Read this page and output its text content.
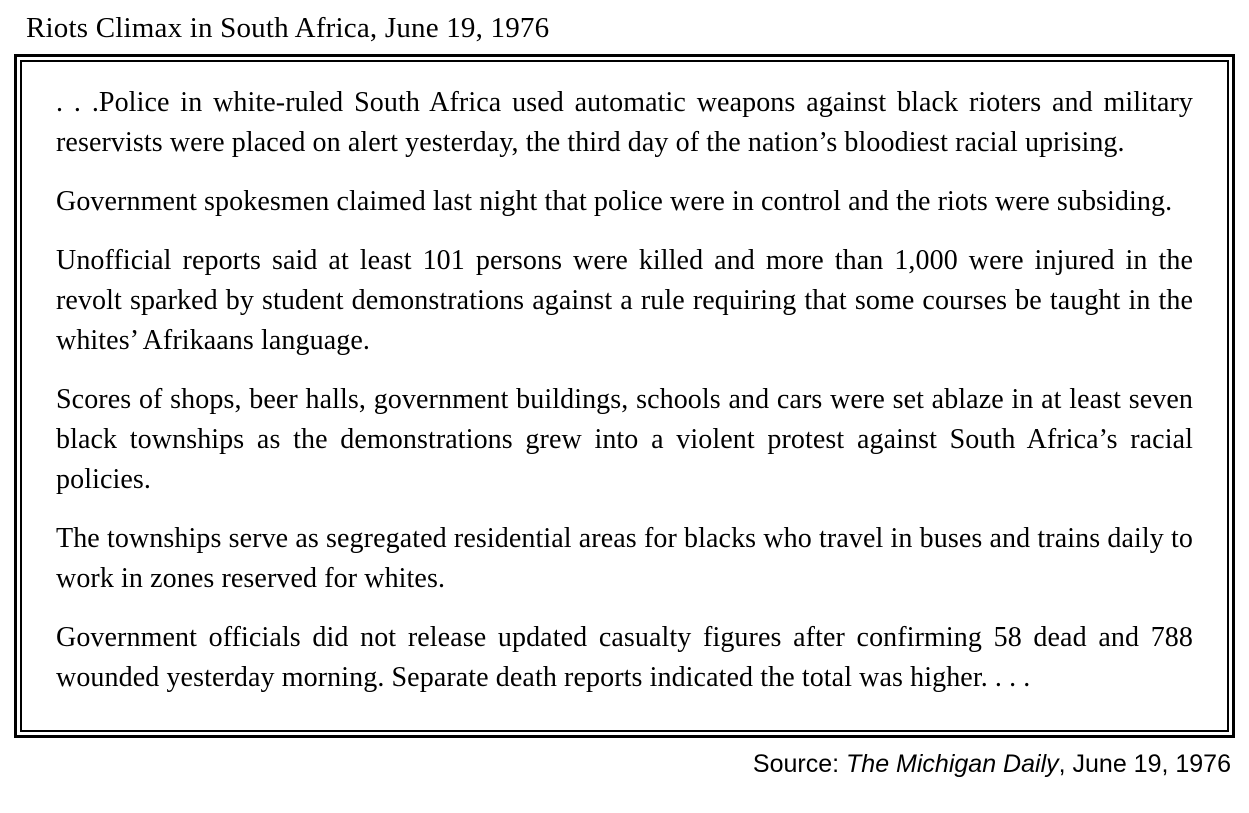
Riots Climax in South Africa, June 19, 1976

. . .Police in white-ruled South Africa used automatic weapons against black rioters and military reservists were placed on alert yesterday, the third day of the nation’s bloodiest racial uprising.

Government spokesmen claimed last night that police were in control and the riots were subsiding.

Unofficial reports said at least 101 persons were killed and more than 1,000 were injured in the revolt sparked by student demonstrations against a rule requiring that some courses be taught in the whites’ Afrikaans language.

Scores of shops, beer halls, government buildings, schools and cars were set ablaze in at least seven black townships as the demonstrations grew into a violent protest against South Africa’s racial policies.

The townships serve as segregated residential areas for blacks who travel in buses and trains daily to work in zones reserved for whites.

Government officials did not release updated casualty figures after confirming 58 dead and 788 wounded yesterday morning. Separate death reports indicated the total was higher. . . .

Source: The Michigan Daily, June 19, 1976
